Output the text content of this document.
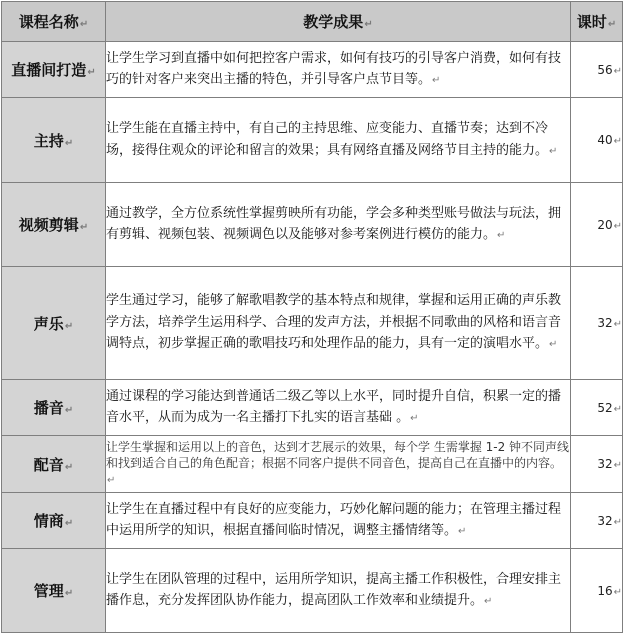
课程名称↵	教学成果↵	课时↵
直播间打造↵	让学生学习到直播中如何把控客户需求，如何有技巧的引导客户消费，如何有技巧的针对客户来突出主播的特色，并引导客户点节目等。↵	56↵
主持↵	让学生能在直播主持中，有自己的主持思维、应变能力、直播节奏；达到不冷场，接得住观众的评论和留言的效果；具有网络直播及网络节目主持的能力。↵	40↵
视频剪辑↵	通过教学，全方位系统性掌握剪映所有功能，学会多种类型账号做法与玩法，拥有剪辑、视频包装、视频调色以及能够对参考案例进行模仿的能力。↵	20↵
声乐↵	学生通过学习，能够了解歌唱教学的基本特点和规律，掌握和运用正确的声乐教学方法，培养学生运用科学、合理的发声方法，并根据不同歌曲的风格和语言音调特点，初步掌握正确的歌唱技巧和处理作品的能力，具有一定的演唱水平。↵	32↵
播音↵	通过课程的学习能达到普通话二级乙等以上水平，同时提升自信，积累一定的播音水平，从而为成为一名主播打下扎实的语言基础 。↵	52↵
配音↵	让学生掌握和运用以上的音色，达到才艺展示的效果，每个学 生需掌握 1-2 钟不同声线和找到适合自己的角色配音；根据不同客户提供不同音色，提高自己在直播中的内容。↵	32↵
情商↵	让学生在直播过程中有良好的应变能力，巧妙化解问题的能力；在管理主播过程中运用所学的知识，根据直播间临时情况，调整主播情绪等。↵	32↵
管理↵	让学生在团队管理的过程中，运用所学知识，提高主播工作积极性，合理安排主播作息，充分发挥团队协作能力，提高团队工作效率和业绩提升。↵	16↵
